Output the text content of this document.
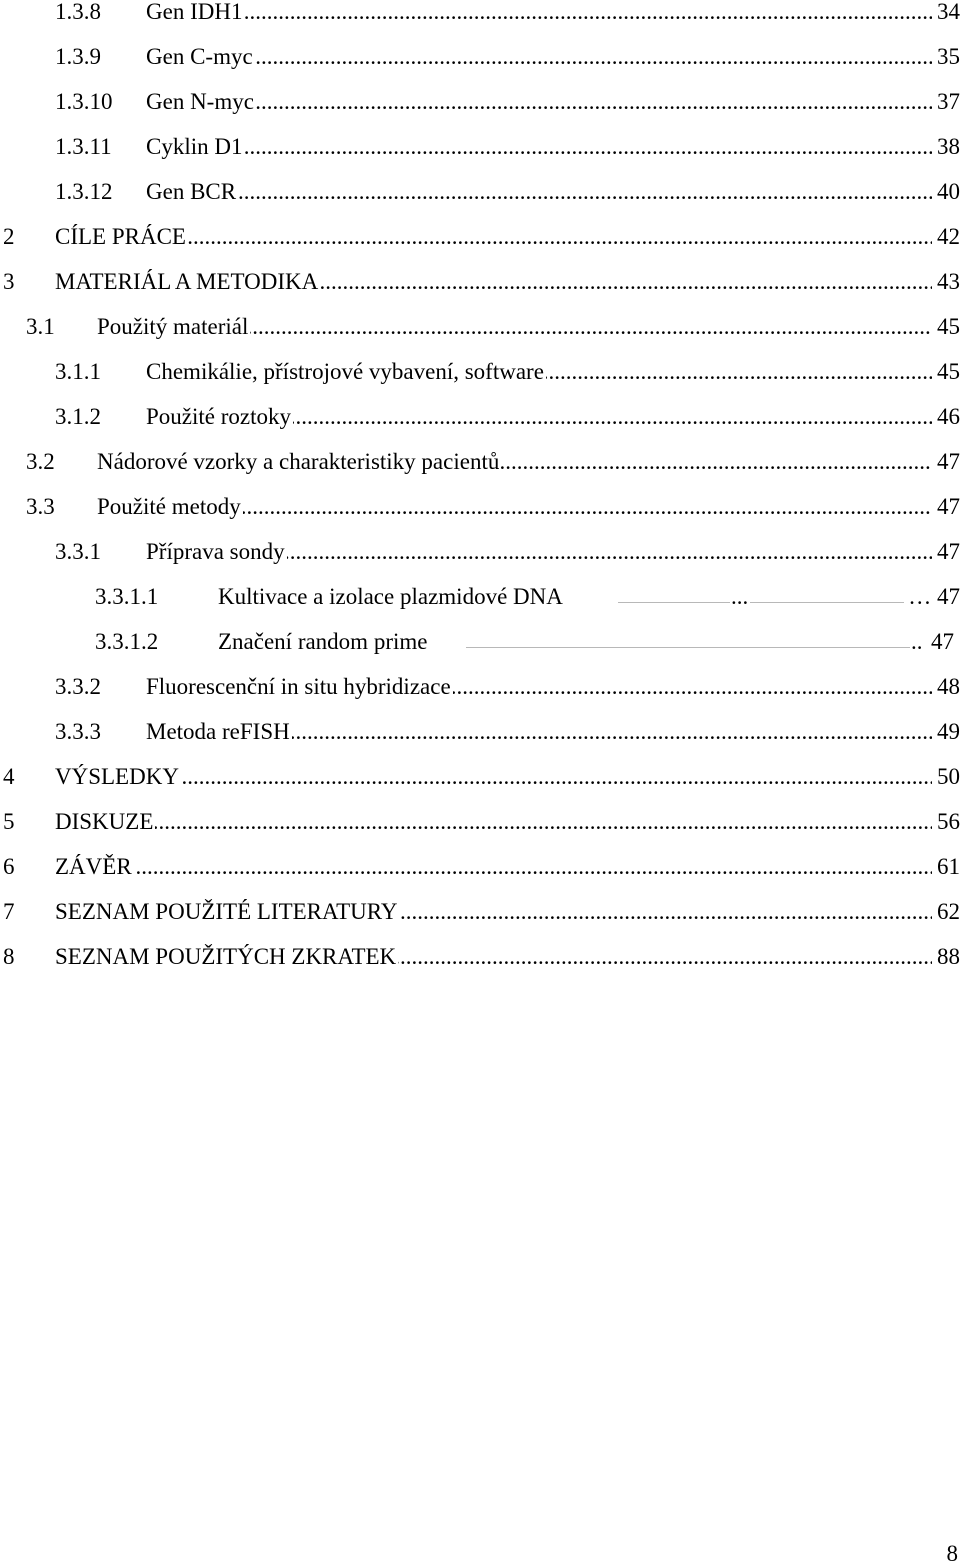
1.3.8 ..... Gen IDH1	34
1.3.9 ..... Gen C-myc	35
1.3.10 ..... Gen N-myc	37
1.3.11 ..... Cyklin D1	38
1.3.12 ..... Gen BCR	40
2 ..... CÍLE PRÁCE	42
3 ..... MATERIÁL A METODIKA	43
3.1 ..... Použitý materiál	45
3.1.1 ..... Chemikálie, přístrojové vybavení, software	45
3.1.2 ..... Použité roztoky	46
3.2 ..... Nádorové vzorky a charakteristiky pacientů	47
3.3 ..... Použité metody	47
3.3.1 ..... Příprava sondy	47
3.3.1.1	Kultivace a izolace plazmidové DNA	...	… 47
3.3.1.2	Značení random prime	.. 47
3.3.2 ..... Fluorescenční in situ hybridizace	48
3.3.3 ..... Metoda reFISH	49
4 ..... VÝSLEDKY	50
5 ..... DISKUZE	56
6 ..... ZÁVĚR	61
7 ..... SEZNAM POUŽITÉ LITERATURY	62
8 ..... SEZNAM POUŽITÝCH ZKRATEK	88
8
